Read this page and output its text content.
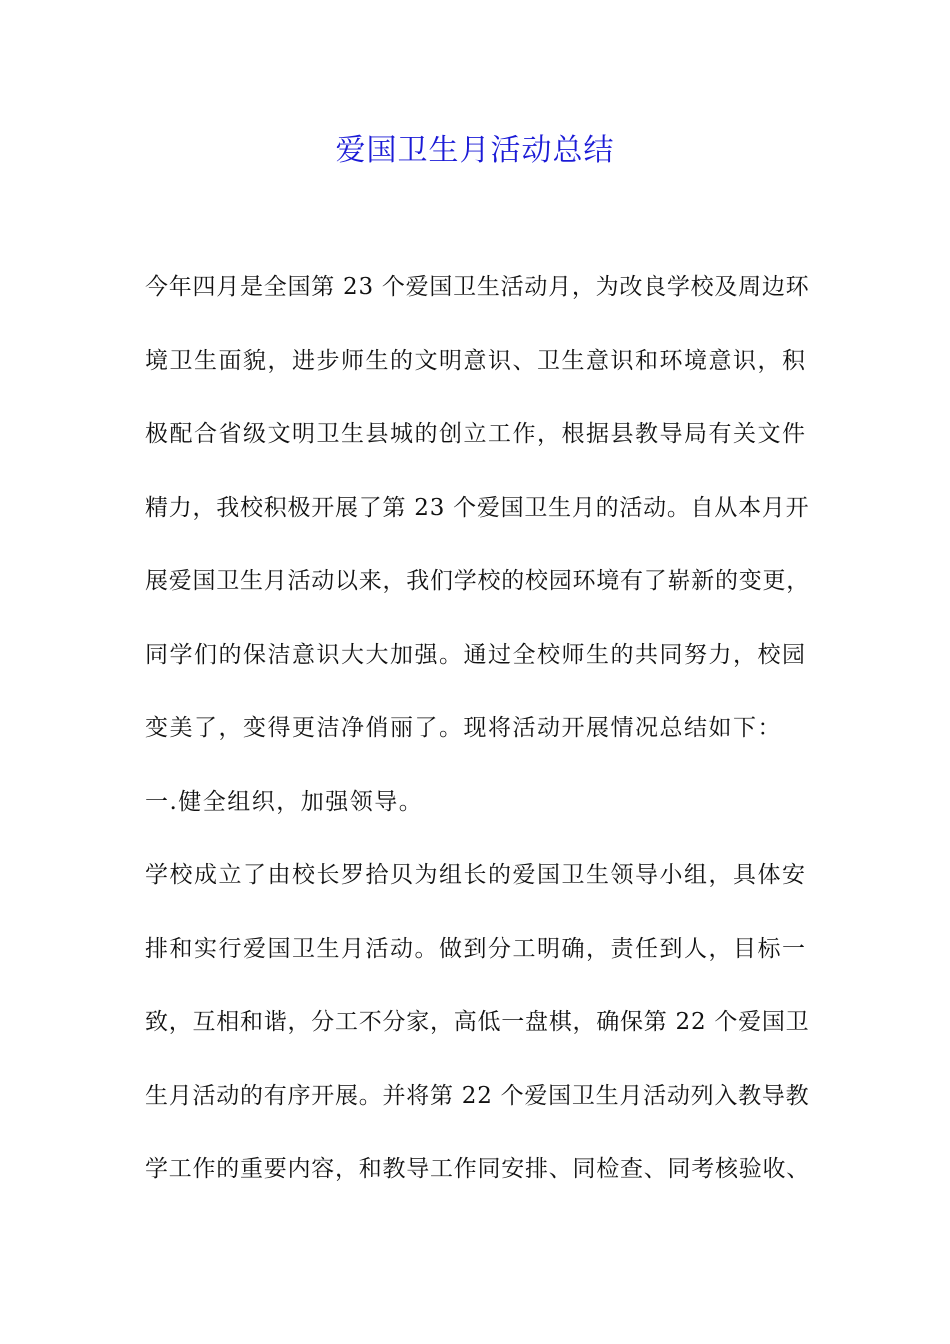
爱国卫生月活动总结
今年四月是全国第 23 个爱国卫生活动月，为改良学校及周边环
境卫生面貌，进步师生的文明意识、卫生意识和环境意识，积
极配合省级文明卫生县城的创立工作，根据县教导局有关文件
精力，我校积极开展了第 23 个爱国卫生月的活动。自从本月开
展爱国卫生月活动以来，我们学校的校园环境有了崭新的变更，
同学们的保洁意识大大加强。通过全校师生的共同努力，校园
变美了，变得更洁净俏丽了。现将活动开展情况总结如下：
一.健全组织，加强领导。
学校成立了由校长罗拾贝为组长的爱国卫生领导小组，具体安
排和实行爱国卫生月活动。做到分工明确，责任到人，目标一
致，互相和谐，分工不分家，高低一盘棋，确保第 22 个爱国卫
生月活动的有序开展。并将第 22 个爱国卫生月活动列入教导教
学工作的重要内容，和教导工作同安排、同检查、同考核验收、
